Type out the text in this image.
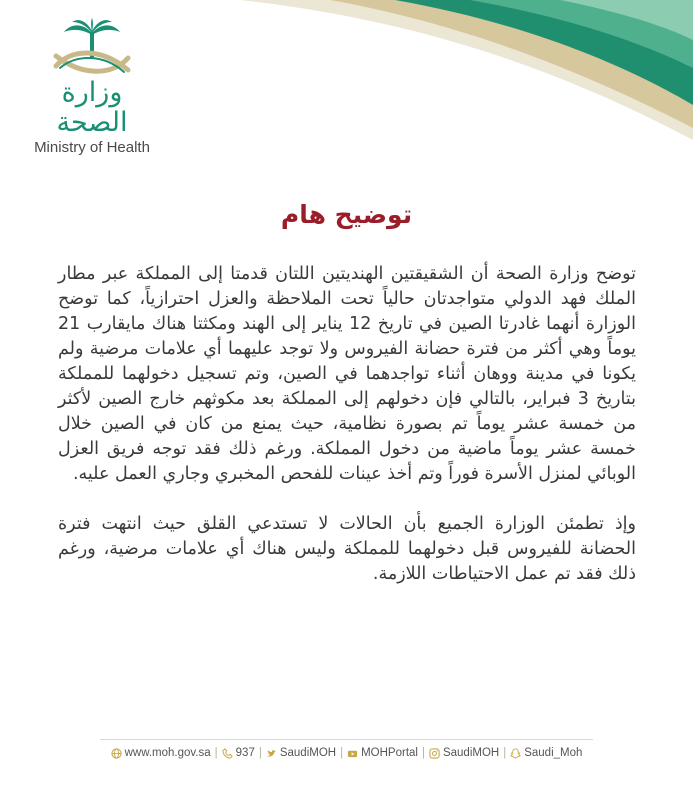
وزارة الصحة
Ministry of Health
توضيح هام

توضح وزارة الصحة أن الشقيقتين الهنديتين اللتان قدمتا إلى المملكة عبر مطار الملك فهد الدولي متواجدتان حالياً تحت الملاحظة والعزل احترازياً، كما توضح الوزارة أنهما غادرتا الصين في تاريخ 12 يناير إلى الهند ومكثتا هناك مايقارب 21 يوماً وهي أكثر من فترة حضانة الفيروس ولا توجد عليهما أي علامات مرضية ولم يكونا في مدينة ووهان أثناء تواجدهما في الصين، وتم تسجيل دخولهما للمملكة بتاريخ 3 فبراير، بالتالي فإن دخولهم إلى المملكة بعد مكوثهم خارج الصين لأكثر من خمسة عشر يوماً تم بصورة نظامية، حيث يمنع من كان في الصين خلال خمسة عشر يوماً ماضية من دخول المملكة. ورغم ذلك فقد توجه فريق العزل الوبائي لمنزل الأسرة فوراً وتم أخذ عينات للفحص المخبري وجاري العمل عليه.

وإذ تطمئن الوزارة الجميع بأن الحالات لا تستدعي القلق حيث انتهت فترة الحضانة للفيروس قبل دخولهما للمملكة وليس هناك أي علامات مرضية، ورغم ذلك فقد تم عمل الاحتياطات اللازمة.

www.moh.gov.sa | 937 | SaudiMOH | MOHPortal | SaudiMOH | Saudi_Moh
